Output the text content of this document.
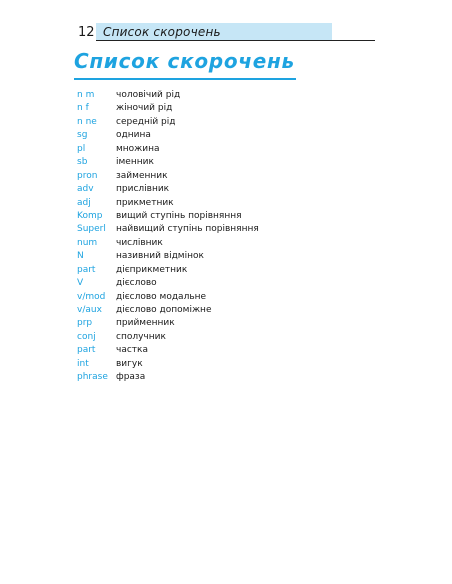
12 Список скорочень
Список скорочень
n m	чоловічий рід
n f	жіночий рід
n ne	середній рід
sg	однина
pl	множина
sb	іменник
pron	займенник
adv	прислівник
adj	прикметник
Komp	вищий ступінь порівняння
Superl	найвищий ступінь порівняння
num	числівник
N	називний відмінок
part	дієприкметник
V	дієслово
v/mod	дієслово модальне
v/aux	дієслово допоміжне
prp	прийменник
conj	сполучник
part	частка
int	вигук
phrase фраза
